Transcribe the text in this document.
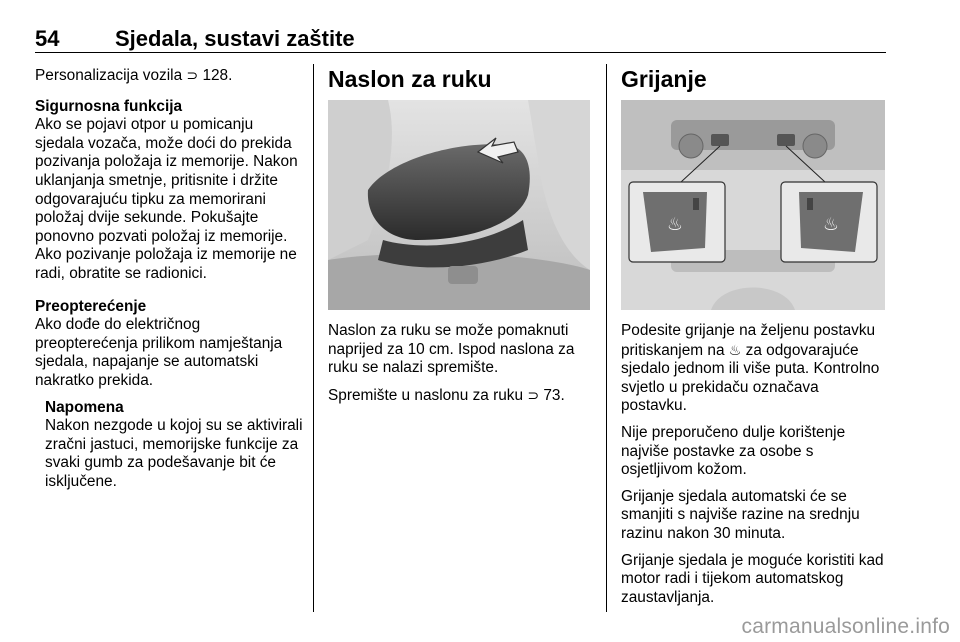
54	Sjedala, sustavi zaštite

Personalizacija vozila ⊃ 128.

Sigurnosna funkcija
Ako se pojavi otpor u pomicanju sjedala vozača, može doći do prekida pozivanja položaja iz memorije. Nakon uklanjanja smetnje, pritisnite i držite odgovarajuću tipku za memorirani položaj dvije sekunde. Pokušajte ponovno pozvati položaj iz memorije. Ako pozivanje položaja iz memorije ne radi, obratite se radionici.

Preopterećenje
Ako dođe do električnog preopterećenja prilikom namještanja sjedala, napajanje se automatski nakratko prekida.

Napomena
Nakon nezgode u kojoj su se aktivirali zračni jastuci, memorijske funkcije za svaki gumb za podešavanje bit će isključene.

Naslon za ruku

Naslon za ruku se može pomaknuti naprijed za 10 cm. Ispod naslona za ruku se nalazi spremište.

Spremište u naslonu za ruku ⊃ 73.

Grijanje
♨	♨

Podesite grijanje na željenu postavku pritiskanjem na ♨ za odgovarajuće sjedalo jednom ili više puta. Kontrolno svjetlo u prekidaču označava postavku.

Nije preporučeno dulje korištenje najviše postavke za osobe s osjetljivom kožom.

Grijanje sjedala automatski će se smanjiti s najviše razine na srednju razinu nakon 30 minuta.

Grijanje sjedala je moguće koristiti kad motor radi i tijekom automatskog zaustavljanja.

carmanualsonline.info
